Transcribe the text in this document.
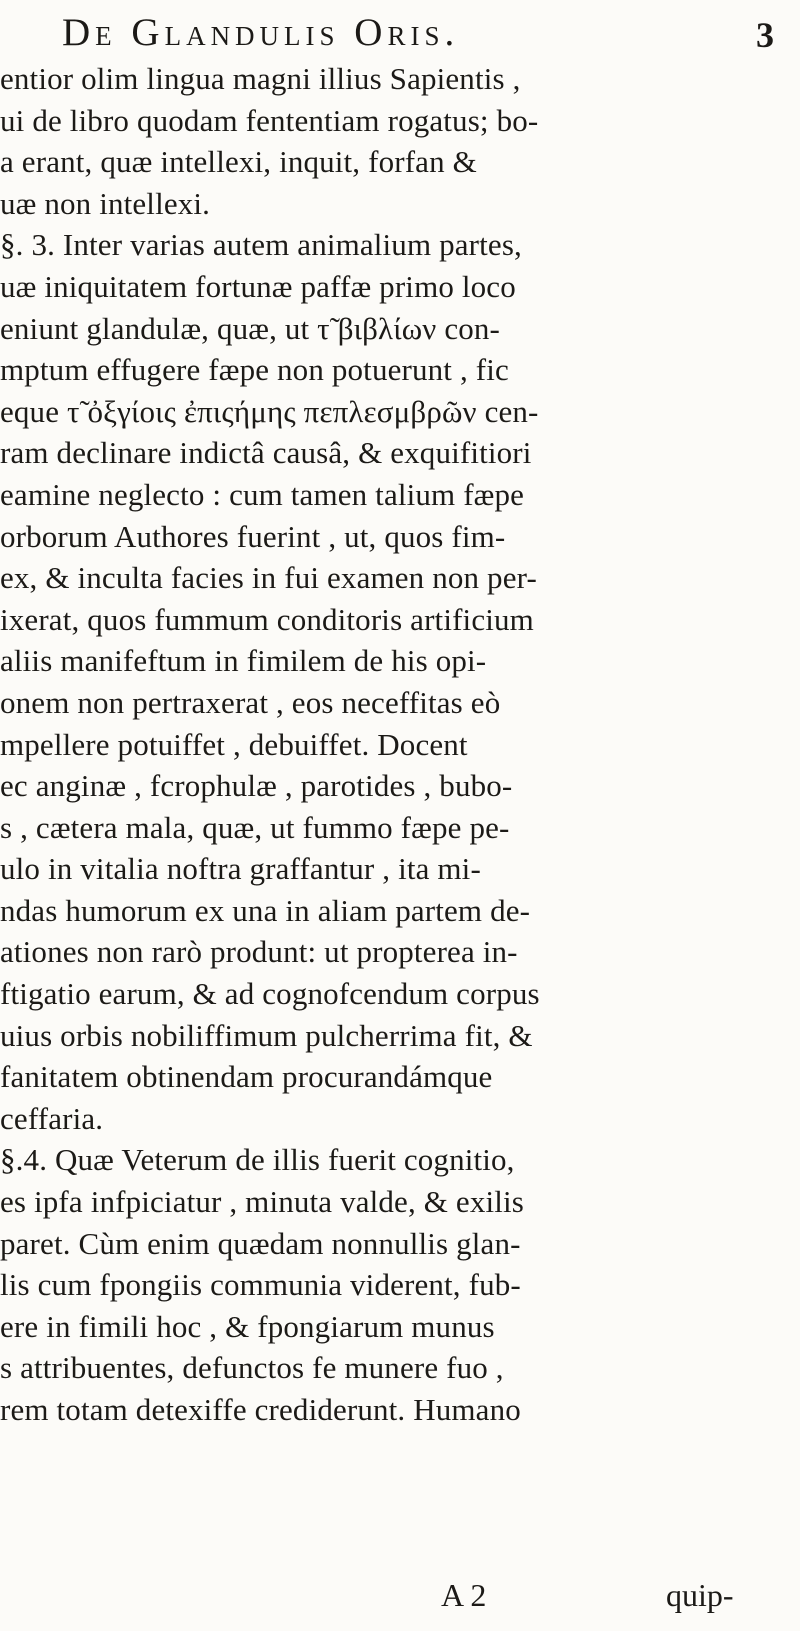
De Glandulis Oris.	3
entior olim lingua magni illius Sapientis ,
ui de libro quodam fententiam rogatus; bo-
a erant, quæ intellexi, inquit, forfan &
uæ non intellexi.
§. 3. Inter varias autem animalium partes,
uæ iniquitatem fortunæ paffæ primo loco
eniunt glandulæ, quæ, ut τ̃ βιβλίων con-
mptum effugere fæpe non potuerunt , fic
eque τ̃ ὀξγίοις ἐπιςήμης πεπλεσμβρῶν cen-
ram declinare indictâ causâ, & exquifitiori
eamine neglecto : cum tamen talium fæpe
orborum Authores fuerint , ut, quos fim-
ex, & inculta facies in fui examen non per-
ixerat, quos fummum conditoris artificium
aliis manifeftum in fimilem de his opi-
onem non pertraxerat , eos neceffitas eò
mpellere potuiffet , debuiffet. Docent
ec anginæ , fcrophulæ , parotides , bubo-
s , cætera mala, quæ, ut fummo fæpe pe-
ulo in vitalia noftra graffantur , ita mi-
ndas humorum ex una in aliam partem de-
ationes non rarò produnt: ut propterea in-
ftigatio earum, & ad cognofcendum corpus
uius orbis nobiliffimum pulcherrima fit, &
fanitatem obtinendam procurandámque
ceffaria.
§.4. Quæ Veterum de illis fuerit cognitio,
es ipfa infpiciatur , minuta valde, & exilis
paret. Cùm enim quædam nonnullis glan-
lis cum fpongiis communia viderent, fub-
ere in fimili hoc , & fpongiarum munus
s attribuentes, defunctos fe munere fuo ,
rem totam detexiffe crediderunt. Humano
A 2	quip-
